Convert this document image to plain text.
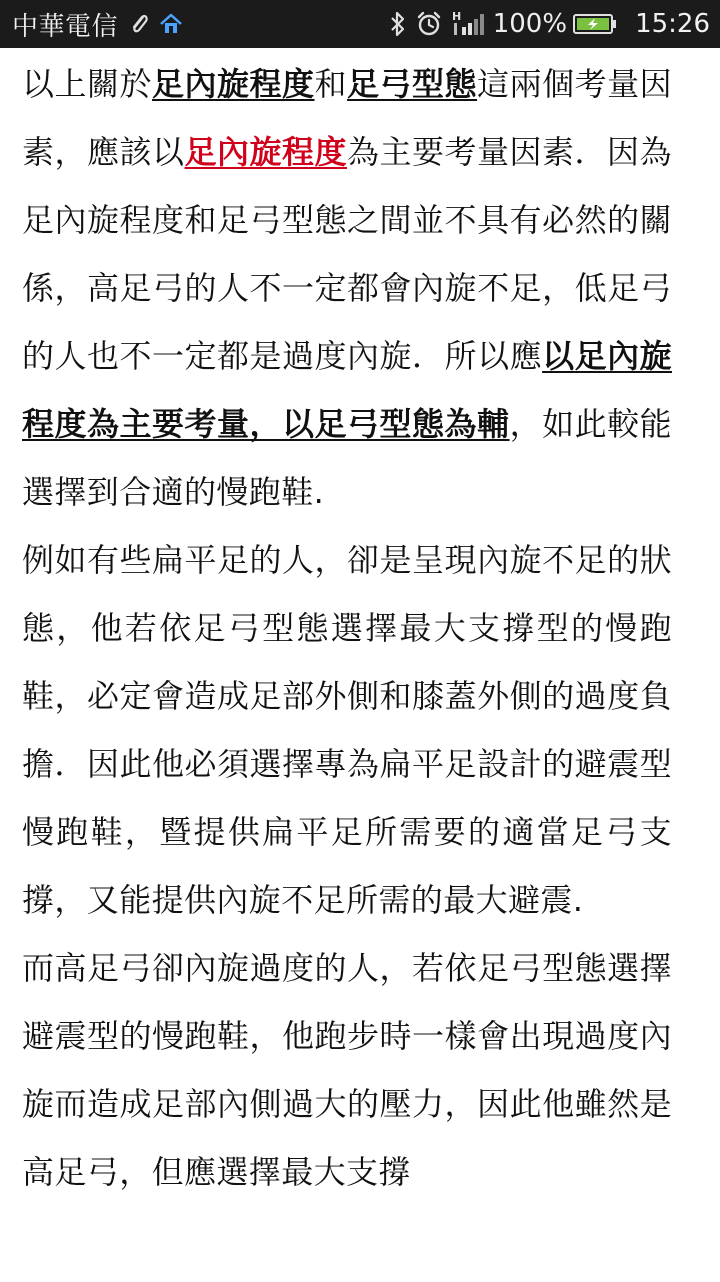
中華電信	H 100%	15:26

以上關於足內旋程度和足弓型態這兩個考量因素，應該以足內旋程度為主要考量因素．因為足內旋程度和足弓型態之間並不具有必然的關係，高足弓的人不一定都會內旋不足，低足弓的人也不一定都是過度內旋．所以應以足內旋程度為主要考量，以足弓型態為輔，如此較能選擇到合適的慢跑鞋.

例如有些扁平足的人，卻是呈現內旋不足的狀態，他若依足弓型態選擇最大支撐型的慢跑鞋，必定會造成足部外側和膝蓋外側的過度負擔．因此他必須選擇專為扁平足設計的避震型慢跑鞋，暨提供扁平足所需要的適當足弓支撐，又能提供內旋不足所需的最大避震.

而高足弓卻內旋過度的人，若依足弓型態選擇避震型的慢跑鞋，他跑步時一樣會出現過度內旋而造成足部內側過大的壓力，因此他雖然是高足弓，但應選擇最大支撐
